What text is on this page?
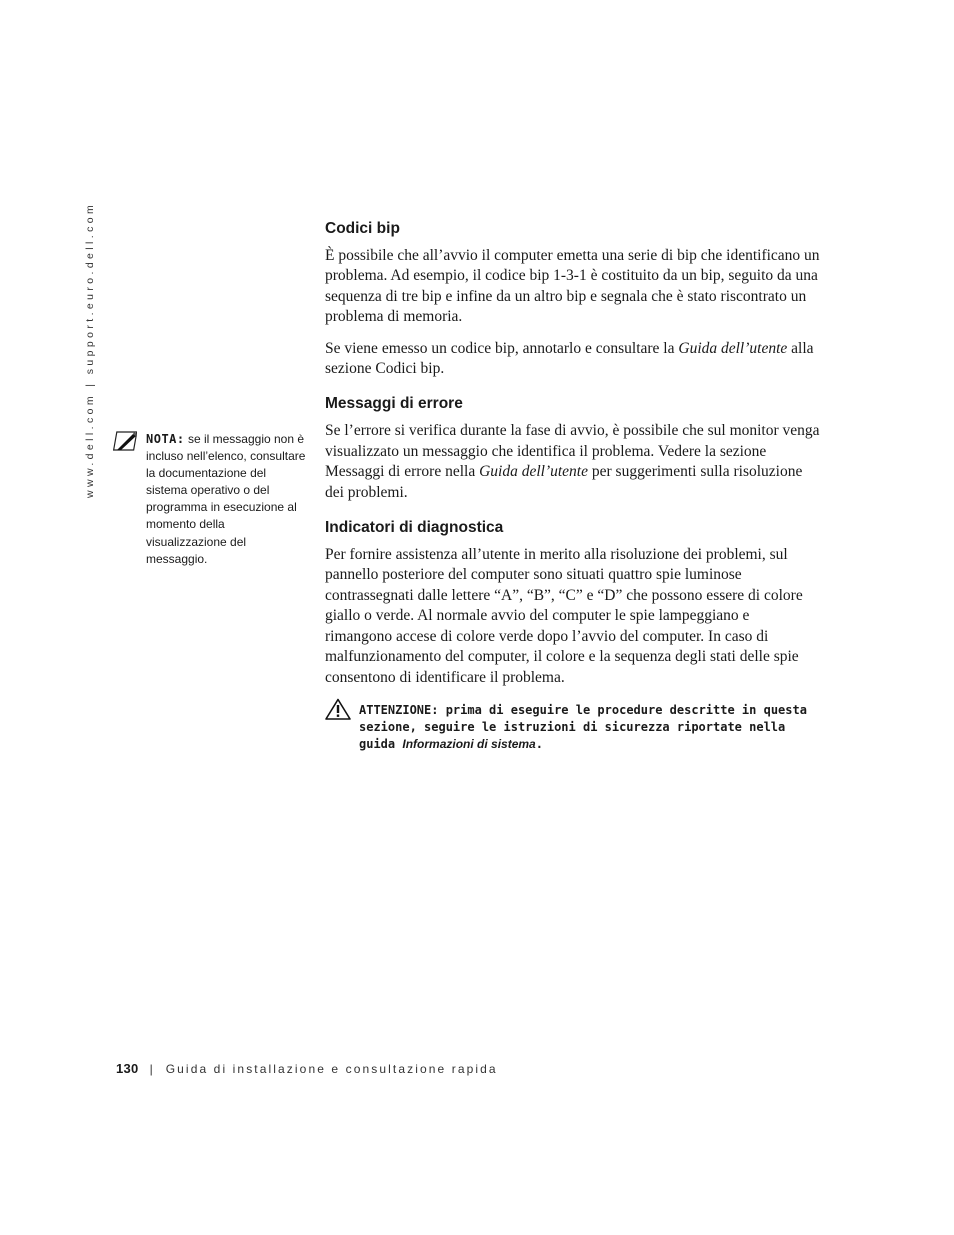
www.dell.com | support.euro.dell.com	NOTA: se il messaggio non è incluso nell’elenco, consultare la documentazione del sistema operativo o del programma in esecuzione al momento della visualizzazione del messaggio.
Codici bip

È possibile che all’avvio il computer emetta una serie di bip che identificano un problema. Ad esempio, il codice bip 1-3-1 è costituito da un bip, seguito da una sequenza di tre bip e infine da un altro bip e segnala che è stato riscontrato un problema di memoria.

Se viene emesso un codice bip, annotarlo e consultare la Guida dell’utente alla sezione Codici bip.

Messaggi di errore

Se l’errore si verifica durante la fase di avvio, è possibile che sul monitor venga visualizzato un messaggio che identifica il problema. Vedere la sezione Messaggi di errore nella Guida dell’utente per suggerimenti sulla risoluzione dei problemi.

Indicatori di diagnostica

Per fornire assistenza all’utente in merito alla risoluzione dei problemi, sul pannello posteriore del computer sono situati quattro spie luminose contrassegnati dalle lettere “A”, “B”, “C” e “D” che possono essere di colore giallo o verde. Al normale avvio del computer le spie lampeggiano e rimangono accese di colore verde dopo l’avvio del computer. In caso di malfunzionamento del computer, il colore e la sequenza degli stati delle spie consentono di identificare il problema.

ATTENZIONE: prima di eseguire le procedure descritte in questa sezione, seguire le istruzioni di sicurezza riportate nella guida Informazioni di sistema.
130 | Guida di installazione e consultazione rapida
